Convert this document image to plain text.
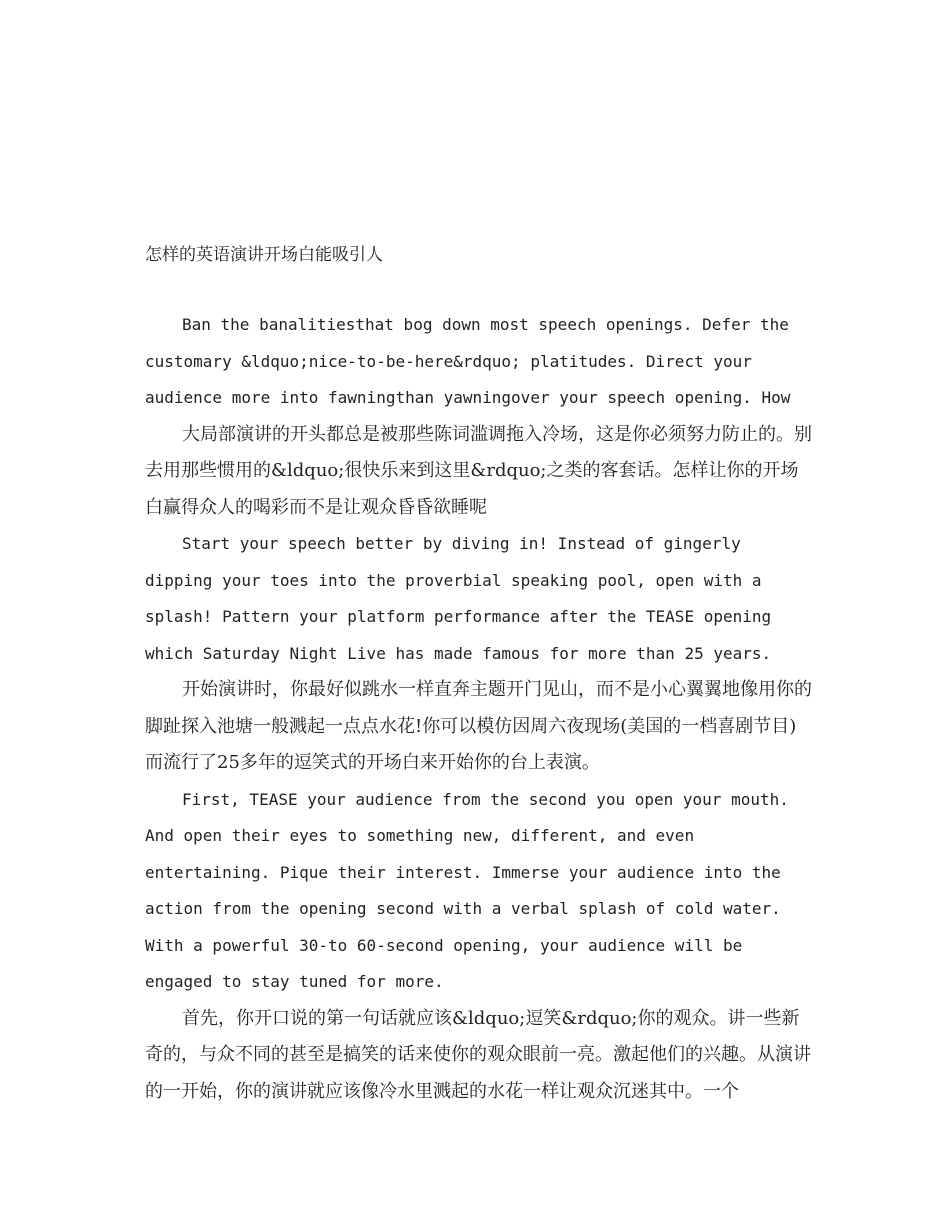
怎样的英语演讲开场白能吸引人

Ban the banalitiesthat bog down most speech openings. Defer the customary &ldquo;nice-to-be-here&rdquo; platitudes. Direct your audience more into fawningthan yawningover your speech opening. How

大局部演讲的开头都总是被那些陈词滥调拖入冷场，这是你必须努力防止的。别去用那些惯用的&ldquo;很快乐来到这里&rdquo;之类的客套话。怎样让你的开场白赢得众人的喝彩而不是让观众昏昏欲睡呢

Start your speech better by diving in! Instead of gingerly dipping your toes into the proverbial speaking pool, open with a splash! Pattern your platform performance after the TEASE opening which Saturday Night Live has made famous for more than 25 years.

开始演讲时，你最好似跳水一样直奔主题开门见山，而不是小心翼翼地像用你的脚趾探入池塘一般溅起一点点水花!你可以模仿因周六夜现场(美国的一档喜剧节目)而流行了25多年的逗笑式的开场白来开始你的台上表演。

First, TEASE your audience from the second you open your mouth. And open their eyes to something new, different, and even entertaining. Pique their interest. Immerse your audience into the action from the opening second with a verbal splash of cold water. With a powerful 30-to 60-second opening, your audience will be engaged to stay tuned for more.

首先，你开口说的第一句话就应该&ldquo;逗笑&rdquo;你的观众。讲一些新奇的，与众不同的甚至是搞笑的话来使你的观众眼前一亮。激起他们的兴趣。从演讲的一开始，你的演讲就应该像冷水里溅起的水花一样让观众沉迷其中。一个
